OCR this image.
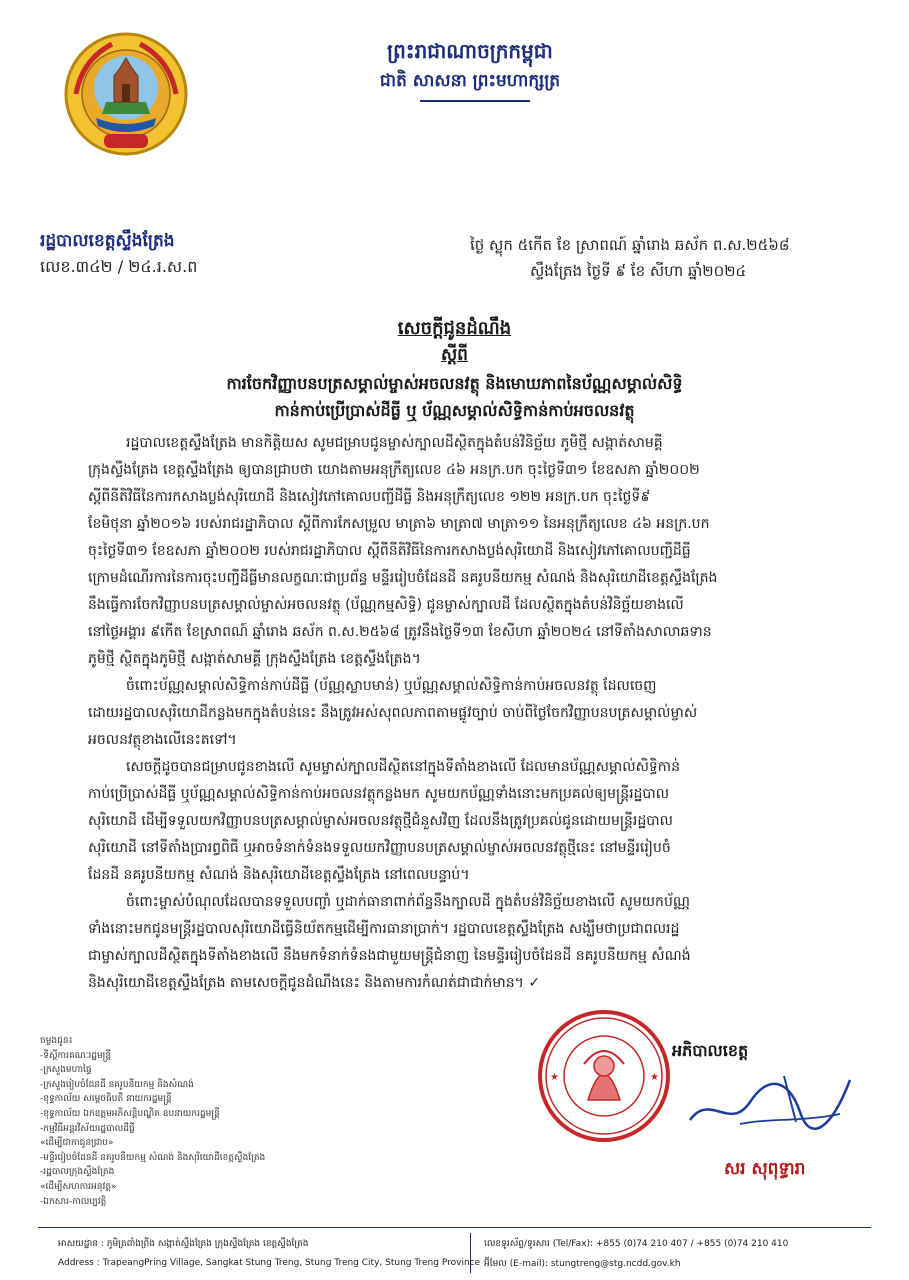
ព្រះរាជាណាចក្រកម្ពុជា
ជាតិ សាសនា ព្រះមហាក្សត្រ
រដ្ឋបាលខេត្តស្ទឹងត្រែង
លេខ.៣៤២ / ២៤.រ.ស.ព
ថ្ងៃ ស្លុក ៥កើត ខែ ស្រាពណ៍ ឆ្នាំរោង ឆស័ក ព.ស.២៥៦៨
ស្ទឹងត្រែង ថ្ងៃទី ៩ ខែ សីហា ឆ្នាំ២០២៤
សេចក្ដីជូនដំណឹង
ស្ដីពី
ការចែកវិញ្ញាបនបត្រសម្គាល់ម្ចាស់អចលនវត្ថុ និងមោឃភាពនៃប័ណ្ណសម្គាល់សិទ្ធិ
កាន់កាប់ប្រើប្រាស់ដីធ្លី ឬ ប័ណ្ណសម្គាល់សិទ្ធិកាន់កាប់អចលនវត្ថុ
រដ្ឋបាលខេត្តស្ទឹងត្រែង មានកិត្តិយស សូមជម្រាបជូនម្ចាស់ក្បាលដីស្ថិតក្នុងតំបន់វិនិច្ឆ័យ ភូមិថ្មី សង្កាត់សាមគ្គី
ក្រុងស្ទឹងត្រែង ខេត្តស្ទឹងត្រែង ឲ្យបានជ្រាបថា យោងតាមអនុក្រឹត្យលេខ ៤៦ អនក្រ.បក ចុះថ្ងៃទី៣១ ខែឧសភា ឆ្នាំ២០០២
ស្ដីពីនីតិវិធីនៃការកសាងប្លង់សុរិយោដី និងសៀវភៅគោលបញ្ជីដីធ្លី និងអនុក្រឹត្យលេខ ១២២ អនក្រ.បក ចុះថ្ងៃទី៩
ខែមិថុនា ឆ្នាំ២០១៦ របស់រាជរដ្ឋាភិបាល ស្ដីពីការកែសម្រួល មាត្រា៦ មាត្រា៧ មាត្រា១១ នៃអនុក្រឹត្យលេខ ៤៦ អនក្រ.បក
ចុះថ្ងៃទី៣១ ខែឧសភា ឆ្នាំ២០០២ របស់រាជរដ្ឋាភិបាល ស្ដីពីនីតិវិធីនៃការកសាងប្លង់សុរិយោដី និងសៀវភៅគោលបញ្ជីដីធ្លី
ក្រោមដំណើរការនៃការចុះបញ្ជីដីធ្លីមានលក្ខណៈជាប្រព័ន្ធ មន្ទីររៀបចំដែនដី នគរូបនីយកម្ម សំណង់ និងសុរិយោដីខេត្តស្ទឹងត្រែង
នឹងធ្វើការចែកវិញ្ញាបនបត្រសម្គាល់ម្ចាស់អចលនវត្ថុ (ប័ណ្ណកម្មសិទ្ធិ) ជូនម្ចាស់ក្បាលដី ដែលស្ថិតក្នុងតំបន់វិនិច្ឆ័យខាងលើ
នៅថ្ងៃអង្គារ ៩កើត ខែស្រាពណ៍ ឆ្នាំរោង ឆស័ក ព.ស.២៥៦៨ ត្រូវនឹងថ្ងៃទី១៣ ខែសីហា ឆ្នាំ២០២៤ នៅទីតាំងសាលាឆទាន
ភូមិថ្មី ស្ថិតក្នុងភូមិថ្មី សង្កាត់សាមគ្គី ក្រុងស្ទឹងត្រែង ខេត្តស្ទឹងត្រែង។
ចំពោះប័ណ្ណសម្គាល់សិទ្ធិកាន់កាប់ដីធ្លី (ប័ណ្ណស្លាបមាន់) ឬប័ណ្ណសម្គាល់សិទ្ធិកាន់កាប់អចលនវត្ថុ ដែលចេញ
ដោយរដ្ឋបាលសុរិយោដីកន្លងមកក្នុងតំបន់នេះ នឹងត្រូវអស់សុពលភាពតាមផ្លូវច្បាប់ ចាប់ពីថ្ងៃចែកវិញ្ញាបនបត្រសម្គាល់ម្ចាស់
អចលនវត្ថុខាងលើនេះតទៅ។
សេចក្ដីដូចបានជម្រាបជូនខាងលើ សូមម្ចាស់ក្បាលដីស្ថិតនៅក្នុងទីតាំងខាងលើ ដែលមានប័ណ្ណសម្គាល់សិទ្ធិកាន់
កាប់ប្រើប្រាស់ដីធ្លី ឬប័ណ្ណសម្គាល់សិទ្ធិកាន់កាប់អចលនវត្ថុកន្លងមក សូមយកប័ណ្ណទាំងនោះមកប្រគល់ឲ្យមន្ត្រីរដ្ឋបាល
សុរិយោដី ដើម្បីទទួលយកវិញ្ញាបនបត្រសម្គាល់ម្ចាស់អចលនវត្ថុថ្មីជំនួសវិញ ដែលនឹងត្រូវប្រគល់ជូនដោយមន្ត្រីរដ្ឋបាល
សុរិយោដី នៅទីតាំងប្រារព្ធពិធី ឬអាចទំនាក់ទំនងទទួលយកវិញ្ញាបនបត្រសម្គាល់ម្ចាស់អចលនវត្ថុថ្មីនេះ នៅមន្ទីររៀបចំ
ដែនដី នគរូបនីយកម្ម សំណង់ និងសុរិយោដីខេត្តស្ទឹងត្រែង នៅពេលបន្ទាប់។
ចំពោះម្ចាស់បំណុលដែលបានទទួលបញ្ចាំ ឬដាក់ធានាពាក់ព័ន្ធនឹងក្បាលដី ក្នុងតំបន់វិនិច្ឆ័យខាងលើ សូមយកប័ណ្ណ
ទាំងនោះមកជូនមន្ត្រីរដ្ឋបាលសុរិយោដីធ្វើនិយ័តកម្មដើម្បីការធានាប្រាក់។ រដ្ឋបាលខេត្តស្ទឹងត្រែង សង្ឃឹមថាប្រជាពលរដ្ឋ
ជាម្ចាស់ក្បាលដីស្ថិតក្នុងទីតាំងខាងលើ នឹងមកទំនាក់ទំនងជាមួយមន្ត្រីជំនាញ នៃមន្ទីររៀបចំដែនដី នគរូបនីយកម្ម សំណង់
និងសុរិយោដីខេត្តស្ទឹងត្រែង តាមសេចក្ដីជូនដំណឹងនេះ និងតាមការកំណត់ជាជាក់មាន។ ✓
ចម្លងជូន៖
-ទីស្ដីការគណៈរដ្ឋមន្ត្រី
-ក្រសួងមហាផ្ទៃ
-ក្រសួងរៀបចំដែនដី នគរូបនីយកម្ម និងសំណង់
-ខុទ្ទកាល័យ សម្ដេចធិបតី នាយករដ្ឋមន្ត្រី
-ខុទ្ទកាល័យ ឯកឧត្តមអភិសន្តិបណ្ឌិត ឧបនាយករដ្ឋមន្ត្រី
-កម្មវិធីអន្តរវិស័យរដ្ឋបាលដីធ្លី
«ដើម្បីជាកាជូនជ្រាប»
-មន្ទីររៀបចំដែនដី នគរូបនីយកម្ម សំណង់ និងសុរិយោដីខេត្តស្ទឹងត្រែង
-រដ្ឋបាលក្រុងស្ទឹងត្រែង
«ដើម្បីសហការអនុវត្ត»
-ឯកសារ-កាលប្បវត្តិ
★	★
អភិបាលខេត្ត
សរ សុពុទ្ធារា
អាសយដ្ឋាន : ភូមិត្រពាំងព្រីង សង្កាត់ស្ទឹងត្រែង ក្រុងស្ទឹងត្រែង ខេត្តស្ទឹងត្រែង
Address : TrapeangPring Village, Sangkat Stung Treng, Stung Treng City, Stung Treng Province
លេខទូរស័ព្ទ/ទូរសារ (Tel/Fax): +855 (0)74 210 407 / +855 (0)74 210 410
អ៊ីមែល (E-mail): stungtreng@stg.ncdd.gov.kh
